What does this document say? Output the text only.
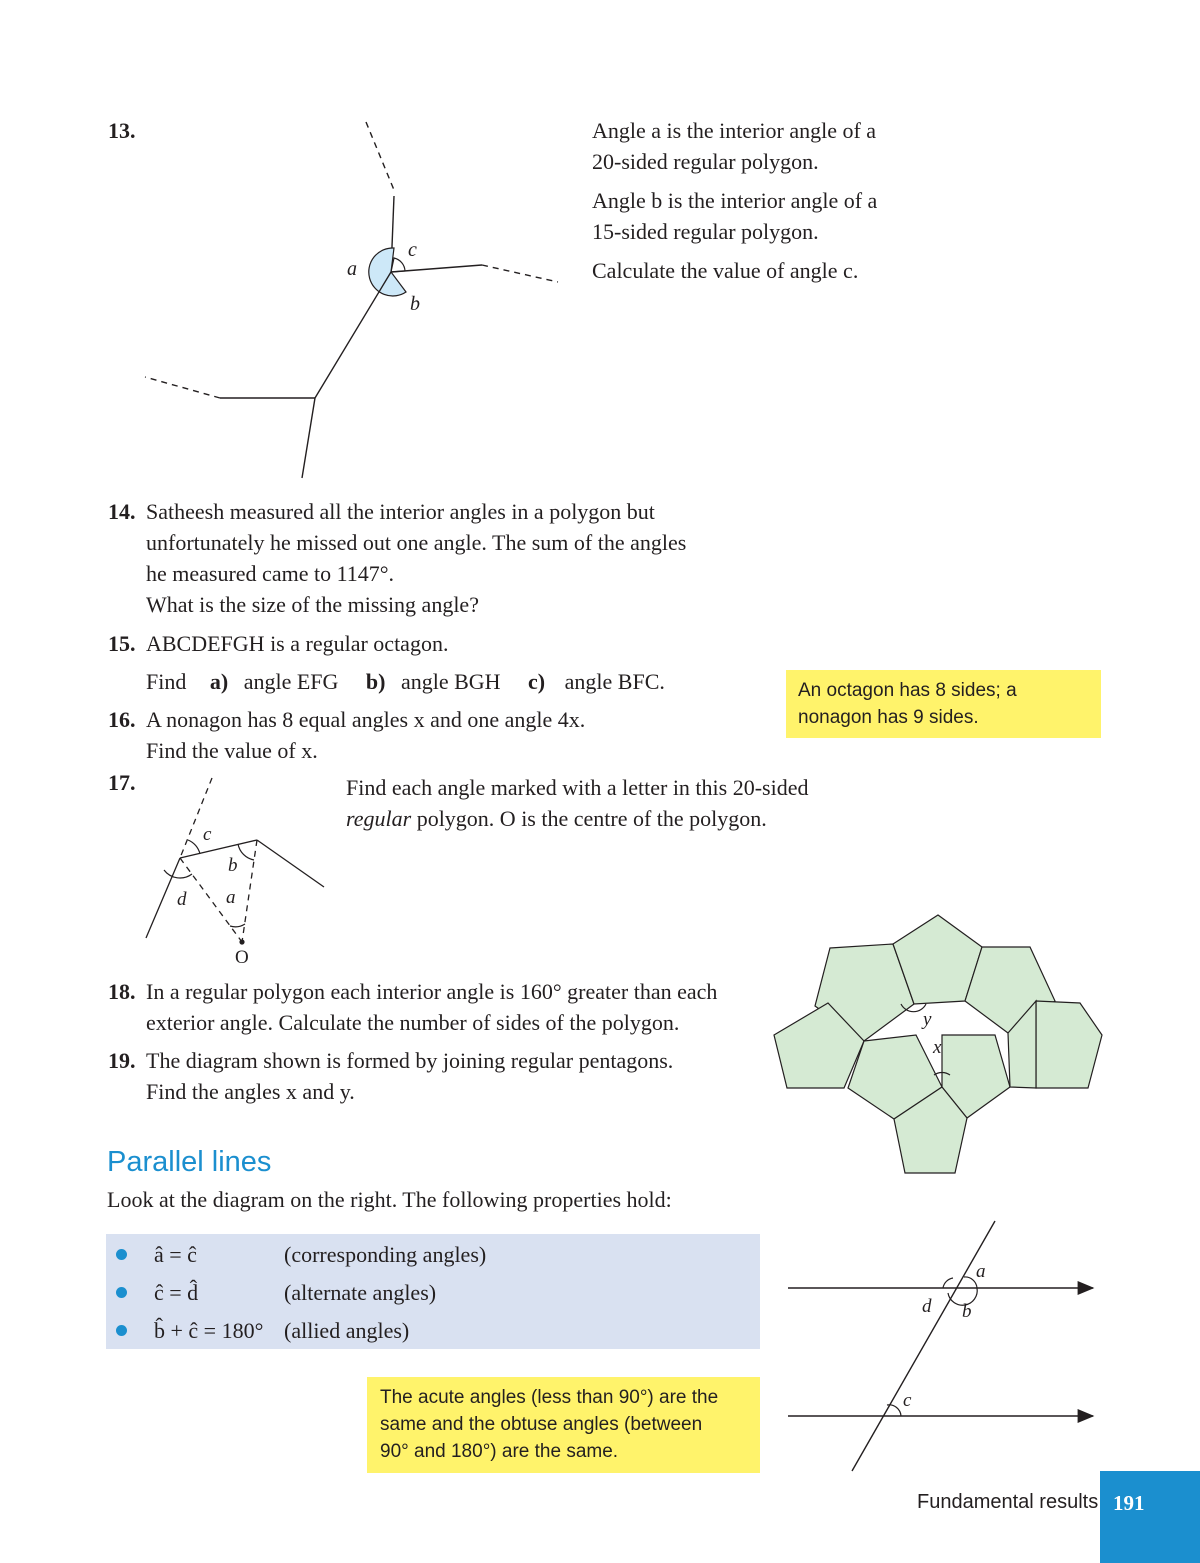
13.
a
c
b
Angle a is the interior angle of a
20-sided regular polygon.
Angle b is the interior angle of a
15-sided regular polygon.
Calculate the value of angle c.
14. Satheesh measured all the interior angles in a polygon but
unfortunately he missed out one angle. The sum of the angles
he measured came to 1147°.
What is the size of the missing angle?
15. ABCDEFGH is a regular octagon.
Find a) angle EFG b) angle BGH c) angle BFC.	An octagon has 8 sides; a
nonagon has 9 sides.
16. A nonagon has 8 equal angles x and one angle 4x.
Find the value of x.
17.
c
b
a
d
O
Find each angle marked with a letter in this 20-sided
regular polygon. O is the centre of the polygon.
y
x
18. In a regular polygon each interior angle is 160° greater than each
exterior angle. Calculate the number of sides of the polygon.
19. The diagram shown is formed by joining regular pentagons.
Find the angles x and y.
Parallel lines
Look at the diagram on the right. The following properties hold:
â = ĉ	(corresponding angles)
ĉ = d̂	(alternate angles)
b̂ + ĉ = 180° (allied angles)
The acute angles (less than 90°) are the
same and the obtuse angles (between
90° and 180°) are the same.
a
b
d
c
Fundamental results 191
